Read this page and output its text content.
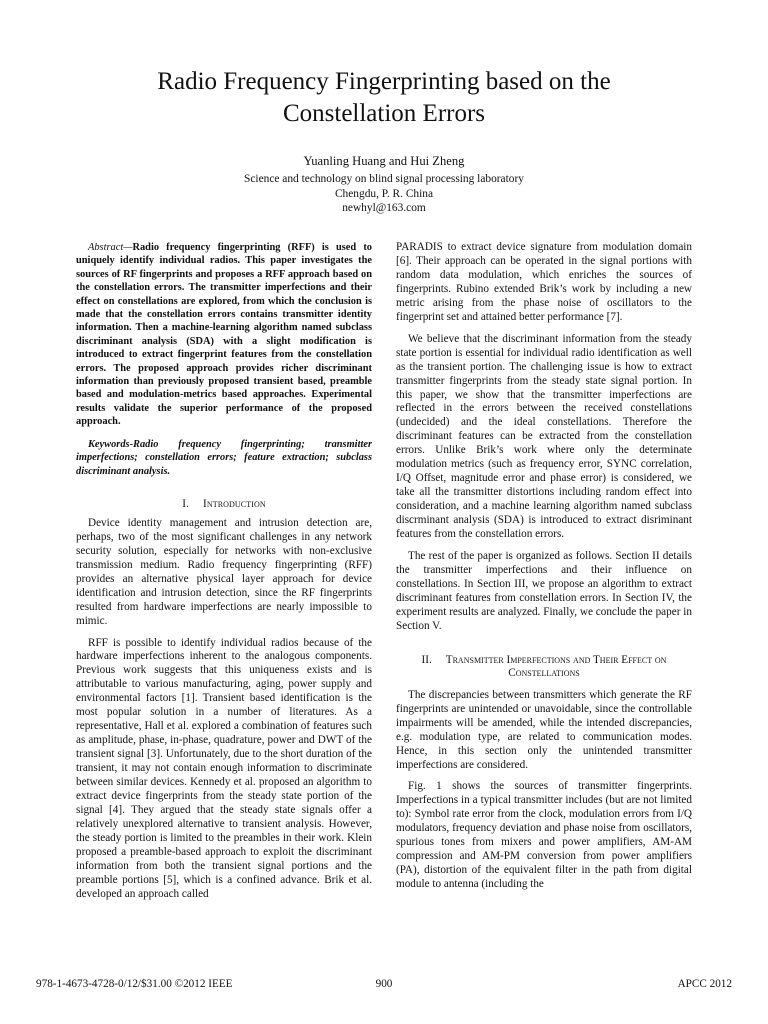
Radio Frequency Fingerprinting based on the
Constellation Errors
Yuanling Huang and Hui Zheng
Science and technology on blind signal processing laboratory
Chengdu, P. R. China
newhyl@163.com
Abstract—Radio frequency fingerprinting (RFF) is used to uniquely identify individual radios. This paper investigates the sources of RF fingerprints and proposes a RFF approach based on the constellation errors. The transmitter imperfections and their effect on constellations are explored, from which the conclusion is made that the constellation errors contains transmitter identity information. Then a machine-learning algorithm named subclass discriminant analysis (SDA) with a slight modification is introduced to extract fingerprint features from the constellation errors. The proposed approach provides richer discriminant information than previously proposed transient based, preamble based and modulation-metrics based approaches. Experimental results validate the superior performance of the proposed approach.
Keywords-Radio frequency fingerprinting; transmitter imperfections; constellation errors; feature extraction; subclass discriminant analysis.
I. Introduction

Device identity management and intrusion detection are, perhaps, two of the most significant challenges in any network security solution, especially for networks with non-exclusive transmission medium. Radio frequency fingerprinting (RFF) provides an alternative physical layer approach for device identification and intrusion detection, since the RF fingerprints resulted from hardware imperfections are nearly impossible to mimic.

RFF is possible to identify individual radios because of the hardware imperfections inherent to the analogous components. Previous work suggests that this uniqueness exists and is attributable to various manufacturing, aging, power supply and environmental factors [1]. Transient based identification is the most popular solution in a number of literatures. As a representative, Hall et al. explored a combination of features such as amplitude, phase, in-phase, quadrature, power and DWT of the transient signal [3]. Unfortunately, due to the short duration of the transient, it may not contain enough information to discriminate between similar devices. Kennedy et al. proposed an algorithm to extract device fingerprints from the steady state portion of the signal [4]. They argued that the steady state signals offer a relatively unexplored alternative to transient analysis. However, the steady portion is limited to the preambles in their work. Klein proposed a preamble-based approach to exploit the discriminant information from both the transient signal portions and the preamble portions [5], which is a confined advance. Brik et al. developed an approach called

PARADIS to extract device signature from modulation domain [6]. Their approach can be operated in the signal portions with random data modulation, which enriches the sources of fingerprints. Rubino extended Brik’s work by including a new metric arising from the phase noise of oscillators to the fingerprint set and attained better performance [7].

We believe that the discriminant information from the steady state portion is essential for individual radio identification as well as the transient portion. The challenging issue is how to extract transmitter fingerprints from the steady state signal portion. In this paper, we show that the transmitter imperfections are reflected in the errors between the received constellations (undecided) and the ideal constellations. Therefore the discriminant features can be extracted from the constellation errors. Unlike Brik’s work where only the determinate modulation metrics (such as frequency error, SYNC correlation, I/Q Offset, magnitude error and phase error) is considered, we take all the transmitter distortions including random effect into consideration, and a machine learning algorithm named subclass discrminant analysis (SDA) is introduced to extract disriminant features from the constellation errors.

The rest of the paper is organized as follows. Section II details the transmitter imperfections and their influence on constellations. In Section III, we propose an algorithm to extract discriminant features from constellation errors. In Section IV, the experiment results are analyzed. Finally, we conclude the paper in Section V.

II. Transmitter Imperfections and Their Effect on
Constellations

The discrepancies between transmitters which generate the RF fingerprints are unintended or unavoidable, since the controllable impairments will be amended, while the intended discrepancies, e.g. modulation type, are related to communication modes. Hence, in this section only the unintended transmitter imperfections are considered.

Fig. 1 shows the sources of transmitter fingerprints. Imperfections in a typical transmitter includes (but are not limited to): Symbol rate error from the clock, modulation errors from I/Q modulators, frequency deviation and phase noise from oscillators, spurious tones from mixers and power amplifiers, AM-AM compression and AM-PM conversion from power amplifiers (PA), distortion of the equivalent filter in the path from digital module to antenna (including the

978-1-4673-4728-0/12/$31.00 ©2012 IEEE	900	APCC 2012
